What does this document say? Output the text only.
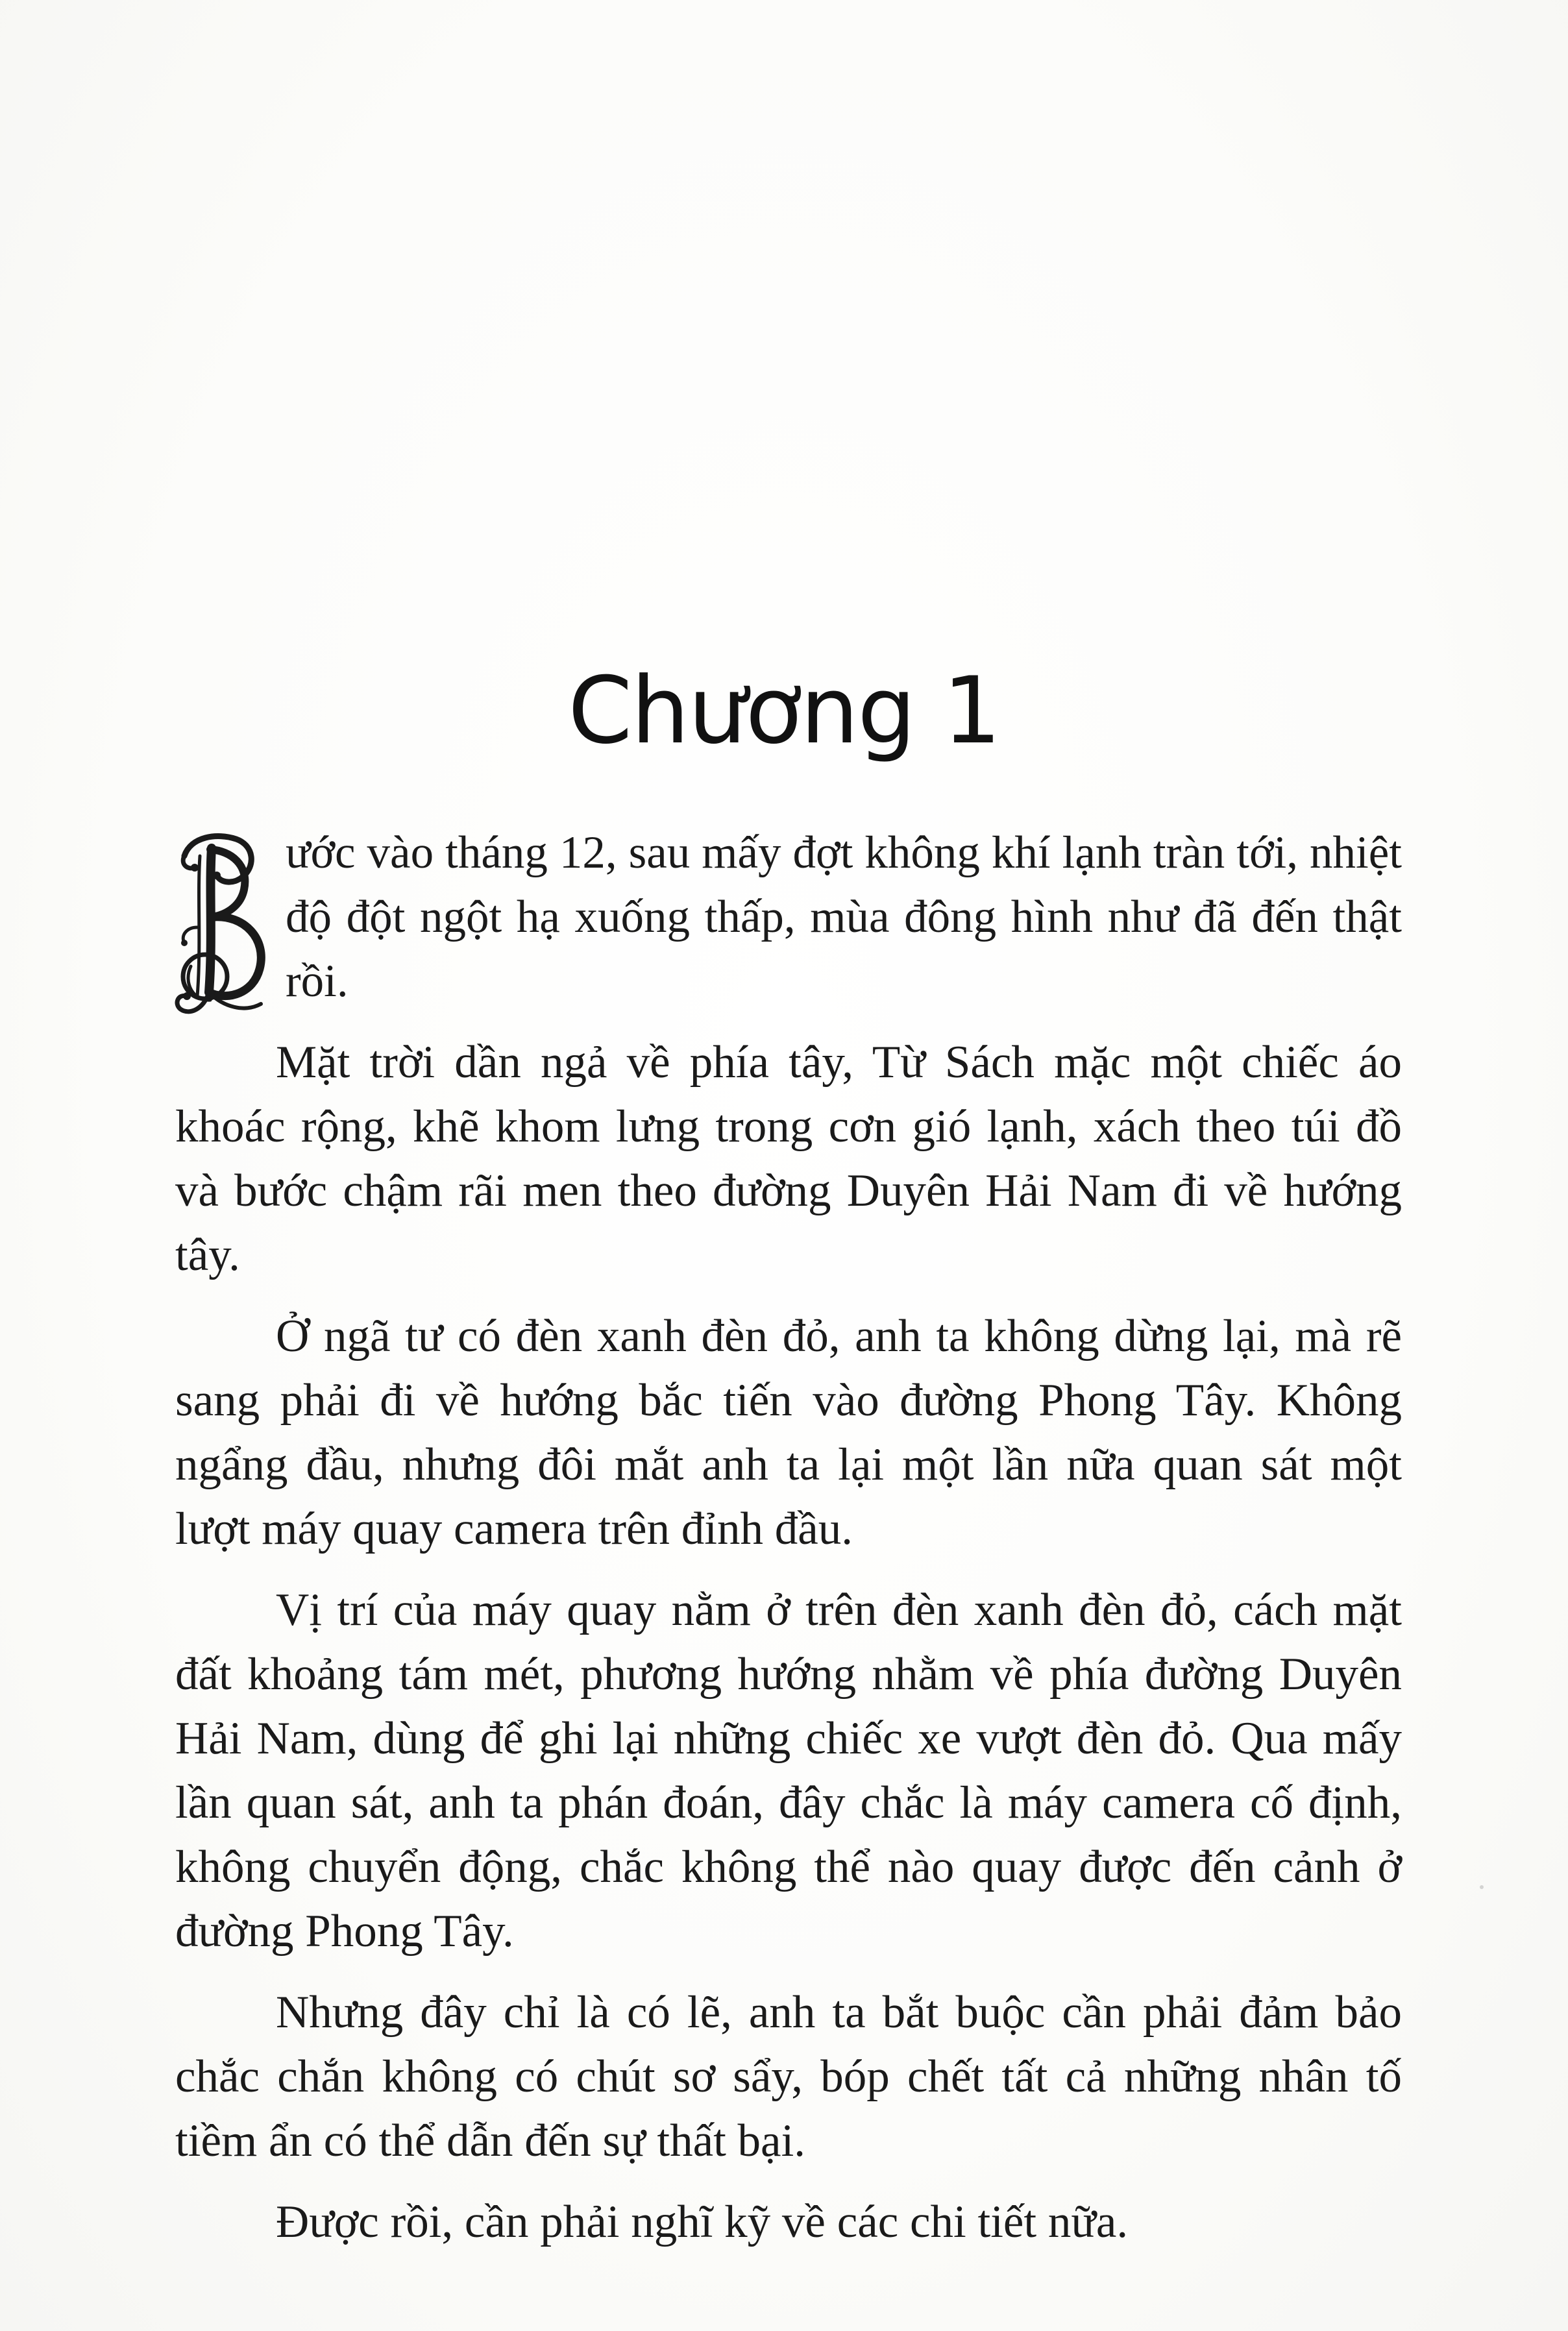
Chương 1

ước vào tháng 12, sau mấy đợt không khí lạnh tràn tới, nhiệt độ đột ngột hạ xuống thấp, mùa đông hình như đã đến thật rồi.

Mặt trời dần ngả về phía tây, Từ Sách mặc một chiếc áo khoác rộng, khẽ khom lưng trong cơn gió lạnh, xách theo túi đồ và bước chậm rãi men theo đường Duyên Hải Nam đi về hướng tây.

Ở ngã tư có đèn xanh đèn đỏ, anh ta không dừng lại, mà rẽ sang phải đi về hướng bắc tiến vào đường Phong Tây. Không ngẩng đầu, nhưng đôi mắt anh ta lại một lần nữa quan sát một lượt máy quay camera trên đỉnh đầu.

Vị trí của máy quay nằm ở trên đèn xanh đèn đỏ, cách mặt đất khoảng tám mét, phương hướng nhằm về phía đường Duyên Hải Nam, dùng để ghi lại những chiếc xe vượt đèn đỏ. Qua mấy lần quan sát, anh ta phán đoán, đây chắc là máy camera cố định, không chuyển động, chắc không thể nào quay được đến cảnh ở đường Phong Tây.

Nhưng đây chỉ là có lẽ, anh ta bắt buộc cần phải đảm bảo chắc chắn không có chút sơ sẩy, bóp chết tất cả những nhân tố tiềm ẩn có thể dẫn đến sự thất bại.

Được rồi, cần phải nghĩ kỹ về các chi tiết nữa.
